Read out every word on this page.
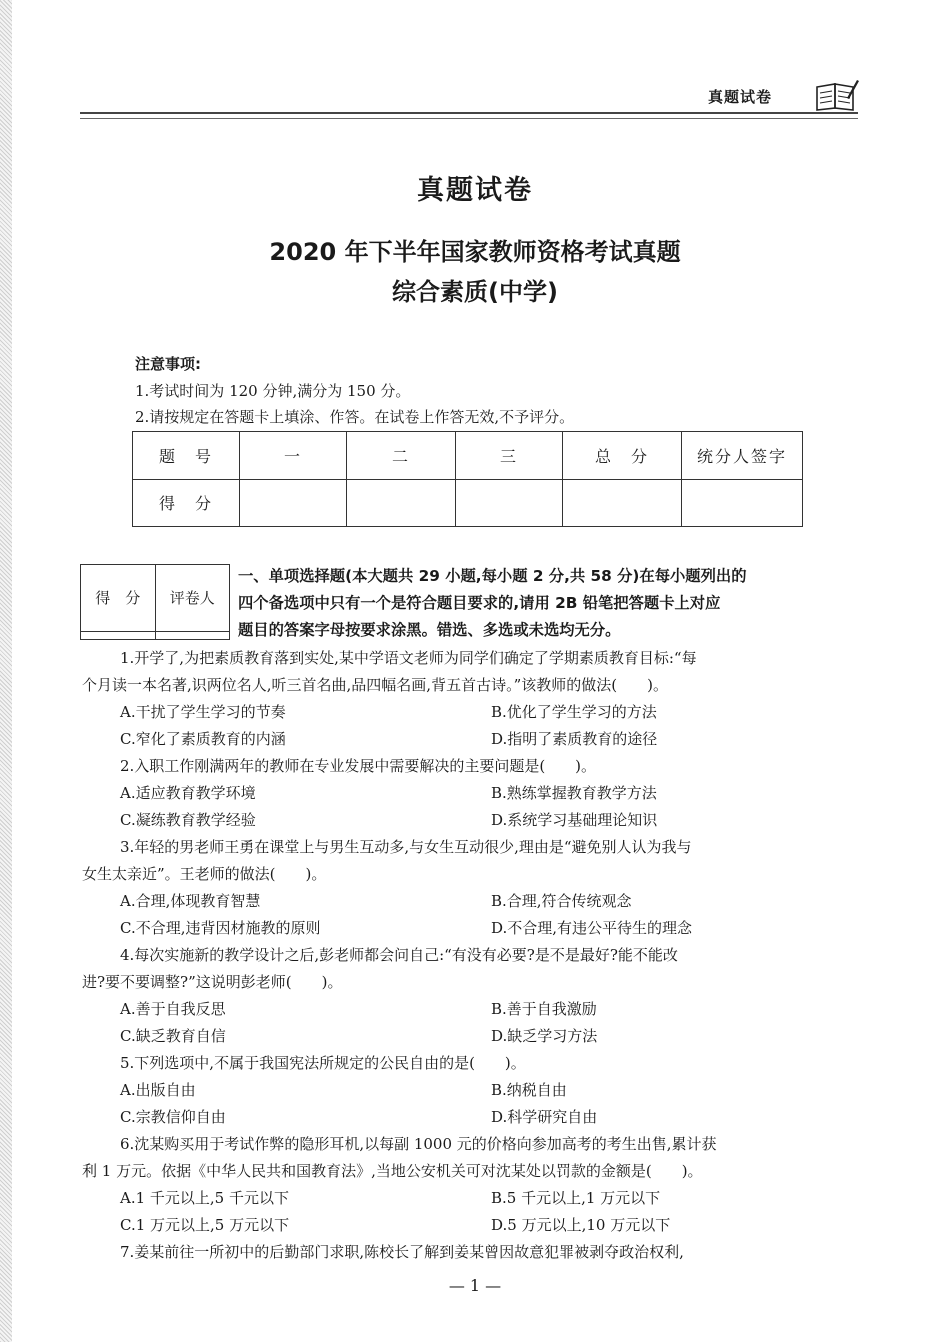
真题试卷
真题试卷
2020 年下半年国家教师资格考试真题
综合素质(中学)
注意事项:
1.考试时间为 120 分钟,满分为 150 分。
2.请按规定在答题卡上填涂、作答。在试卷上作答无效,不予评分。
题　号	一	二	三	总　分	统分人签字
得　分					
得　分	评卷人

一、单项选择题(本大题共 29 小题,每小题 2 分,共 58 分)在每小题列出的

四个备选项中只有一个是符合题目要求的,请用 2B 铅笔把答题卡上对应

题目的答案字母按要求涂黑。错选、多选或未选均无分。

1.开学了,为把素质教育落到实处,某中学语文老师为同学们确定了学期素质教育目标:“每
个月读一本名著,识两位名人,听三首名曲,品四幅名画,背五首古诗。”该教师的做法(　　)。
A.干扰了学生学习的节奏	B.优化了学生学习的方法
C.窄化了素质教育的内涵	D.指明了素质教育的途径
2.入职工作刚满两年的教师在专业发展中需要解决的主要问题是(　　)。
A.适应教育教学环境	B.熟练掌握教育教学方法
C.凝练教育教学经验	D.系统学习基础理论知识
3.年轻的男老师王勇在课堂上与男生互动多,与女生互动很少,理由是“避免别人认为我与
女生太亲近”。王老师的做法(　　)。
A.合理,体现教育智慧	B.合理,符合传统观念
C.不合理,违背因材施教的原则	D.不合理,有违公平待生的理念
4.每次实施新的教学设计之后,彭老师都会问自己:“有没有必要?是不是最好?能不能改
进?要不要调整?”这说明彭老师(　　)。
A.善于自我反思	B.善于自我激励
C.缺乏教育自信	D.缺乏学习方法
5.下列选项中,不属于我国宪法所规定的公民自由的是(　　)。
A.出版自由	B.纳税自由
C.宗教信仰自由	D.科学研究自由
6.沈某购买用于考试作弊的隐形耳机,以每副 1000 元的价格向参加高考的考生出售,累计获
利 1 万元。依据《中华人民共和国教育法》,当地公安机关可对沈某处以罚款的金额是(　　)。
A.1 千元以上,5 千元以下	B.5 千元以上,1 万元以下
C.1 万元以上,5 万元以下	D.5 万元以上,10 万元以下
7.姜某前往一所初中的后勤部门求职,陈校长了解到姜某曾因故意犯罪被剥夺政治权利,
— 1 —
